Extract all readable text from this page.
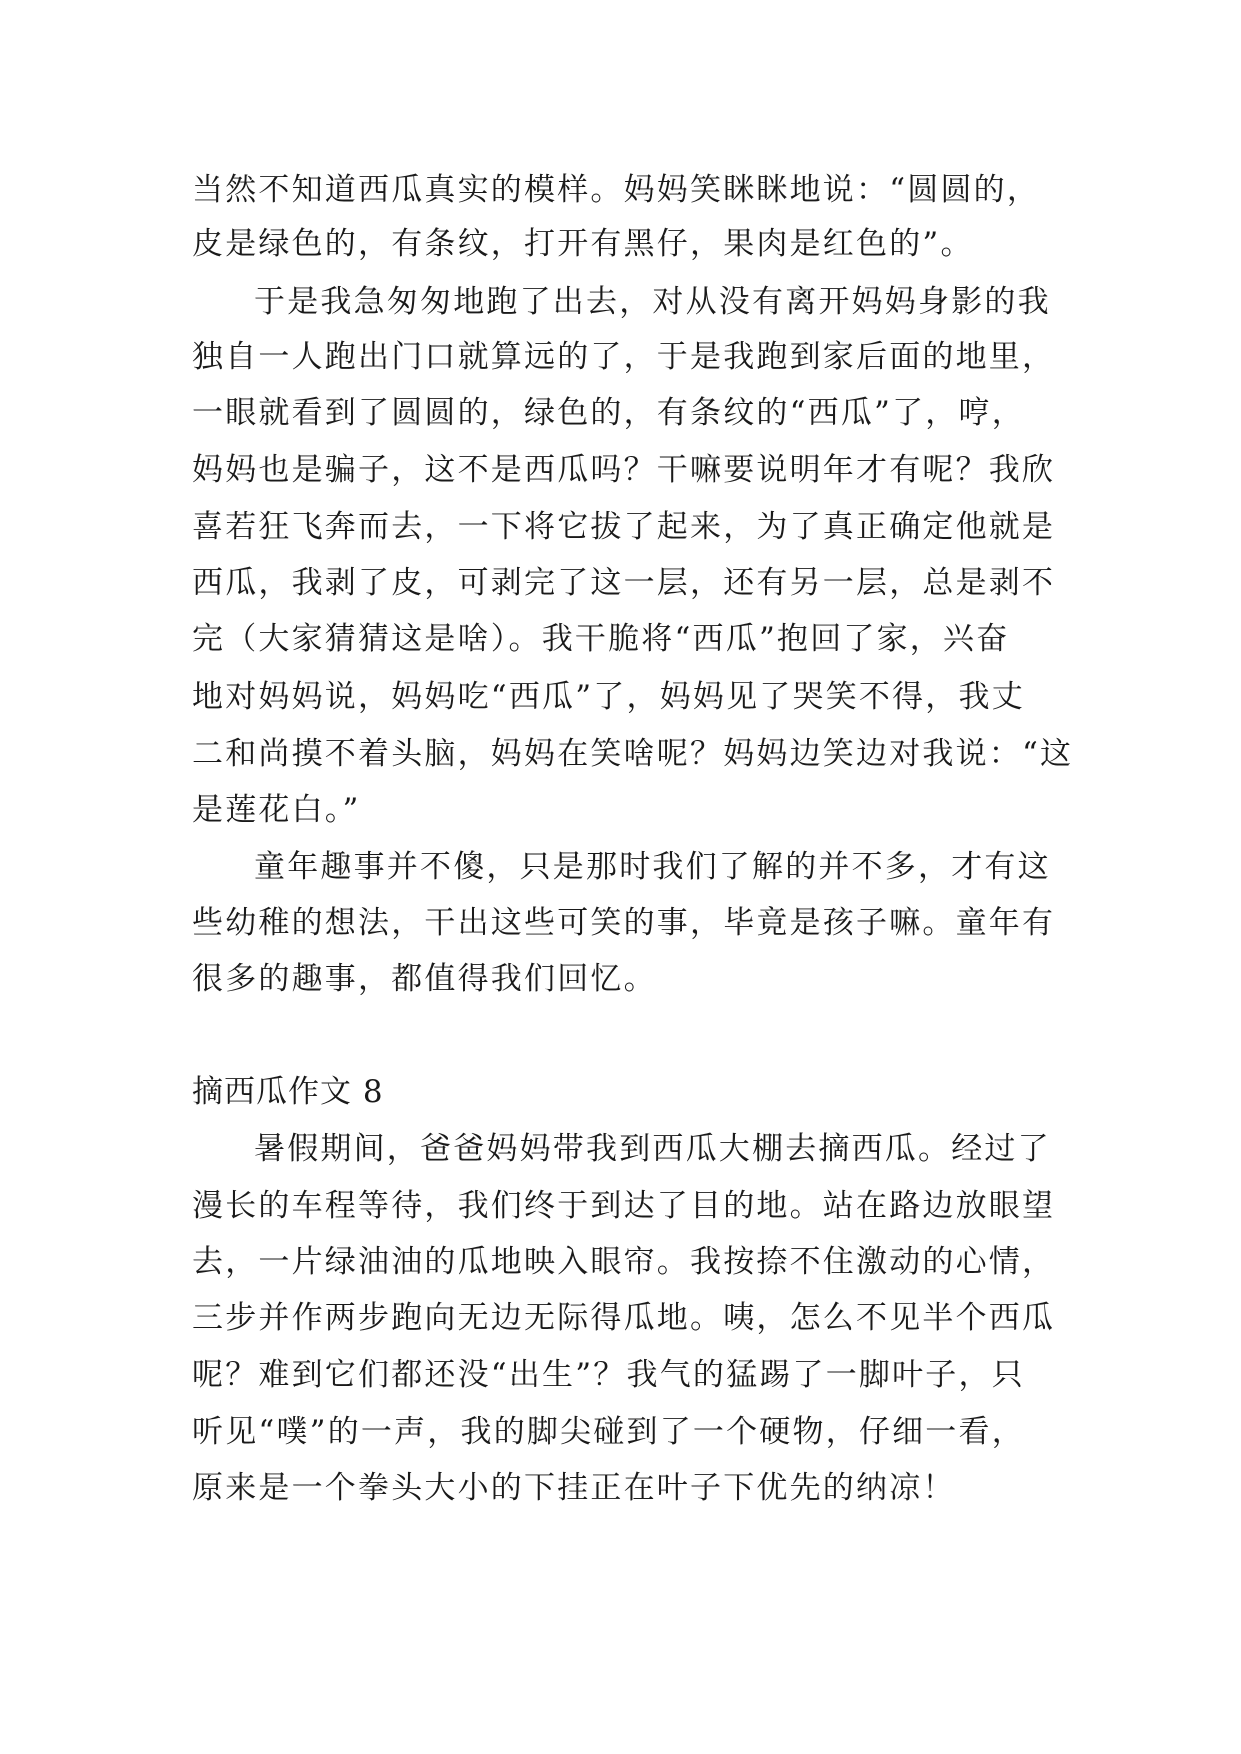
当然不知道西瓜真实的模样。妈妈笑眯眯地说：“圆圆的，
皮是绿色的，有条纹，打开有黑仔，果肉是红色的”。
于是我急匆匆地跑了出去，对从没有离开妈妈身影的我
独自一人跑出门口就算远的了，于是我跑到家后面的地里，
一眼就看到了圆圆的，绿色的，有条纹的“西瓜”了，哼，
妈妈也是骗子，这不是西瓜吗？干嘛要说明年才有呢？我欣
喜若狂飞奔而去，一下将它拔了起来，为了真正确定他就是
西瓜，我剥了皮，可剥完了这一层，还有另一层，总是剥不
完（大家猜猜这是啥）。我干脆将“西瓜”抱回了家，兴奋
地对妈妈说，妈妈吃“西瓜”了，妈妈见了哭笑不得，我丈
二和尚摸不着头脑，妈妈在笑啥呢？妈妈边笑边对我说：“这
是莲花白。”
童年趣事并不傻，只是那时我们了解的并不多，才有这
些幼稚的想法，干出这些可笑的事，毕竟是孩子嘛。童年有
很多的趣事，都值得我们回忆。
摘西瓜作文 8
暑假期间，爸爸妈妈带我到西瓜大棚去摘西瓜。经过了
漫长的车程等待，我们终于到达了目的地。站在路边放眼望
去，一片绿油油的瓜地映入眼帘。我按捺不住激动的心情，
三步并作两步跑向无边无际得瓜地。咦，怎么不见半个西瓜
呢？难到它们都还没“出生”？我气的猛踢了一脚叶子，只
听见“噗”的一声，我的脚尖碰到了一个硬物，仔细一看，
原来是一个拳头大小的下挂正在叶子下优先的纳凉！
